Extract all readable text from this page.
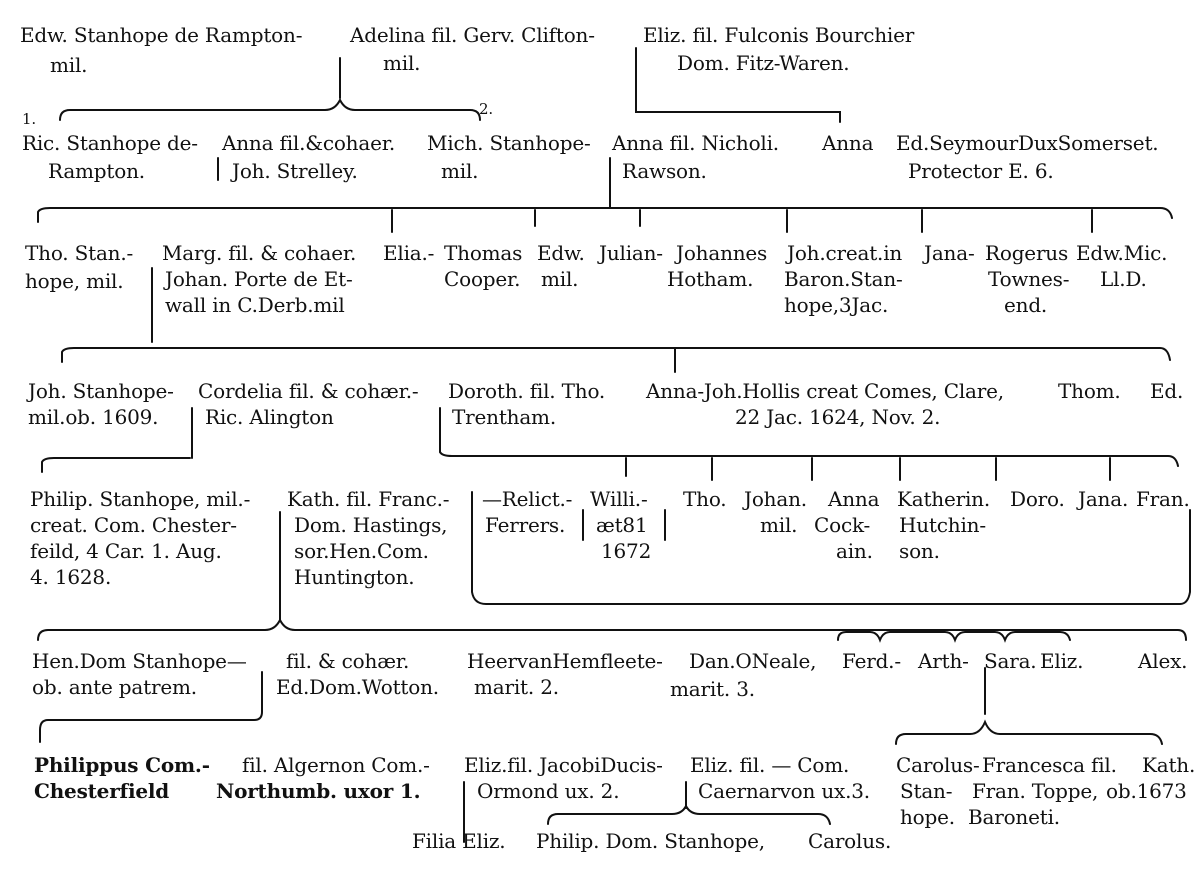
Edw. Stanhope de Rampton-
mil.
Adelina fil. Gerv. Clifton-
mil.
Eliz. fil. Fulconis Bourchier
Dom. Fitz-Waren.
1.
2.
Ric. Stanhope de-
Rampton.
Anna fil.&cohaer.
Joh. Strelley.
Mich. Stanhope-
mil.
Anna fil. Nicholi.
Rawson.
Anna Ed.SeymourDuxSomerset.
Protector E. 6.
Tho. Stan.-
hope, mil.
Marg. fil. & cohaer.
Johan. Porte de Et-
wall in C.Derb.mil
Elia.- Thomas
Cooper.
Edw.
mil.
Julian- Johannes
Hotham.
Joh.creat.in
Baron.Stan-
hope,3Jac.
Jana- Rogerus
Townes-
end.
Edw.Mic.
Ll.D.
Joh. Stanhope-
mil.ob. 1609.
Cordelia fil. & cohær.-
Ric. Alington
Doroth. fil. Tho.
Trentham.
Anna-Joh.Hollis creat Comes, Clare,
22 Jac. 1624, Nov. 2.
Thom. Ed.
Philip. Stanhope, mil.-
creat. Com. Chester-
feild, 4 Car. 1. Aug.
4. 1628.
Kath. fil. Franc.-
Dom. Hastings,
sor.Hen.Com.
Huntington.
—Relict.-
Ferrers.
Willi.-
æt81
1672
Tho. Johan.
mil.
Anna
Cock-
ain.
Katherin.
Hutchin-
son.
Doro. Jana. Fran.
Hen.Dom Stanhope—
ob. ante patrem.
fil. & cohær.
Ed.Dom.Wotton.
HeervanHemfleete-
marit. 2.
Dan.ONeale,
marit. 3.
Ferd.- Arth- Sara. Eliz.	Alex.
Philippus Com.-
Chesterfield
fil. Algernon Com.-
Northumb. uxor 1.
Eliz.fil. JacobiDucis-
Ormond ux. 2.
Eliz. fil. — Com.
Caernarvon ux.3.
Carolus-
Stan-
hope.
Francesca fil.
Fran. Toppe,
Baroneti.
Kath.
ob.1673
Filia Eliz. Philip. Dom. Stanhope, Carolus.
